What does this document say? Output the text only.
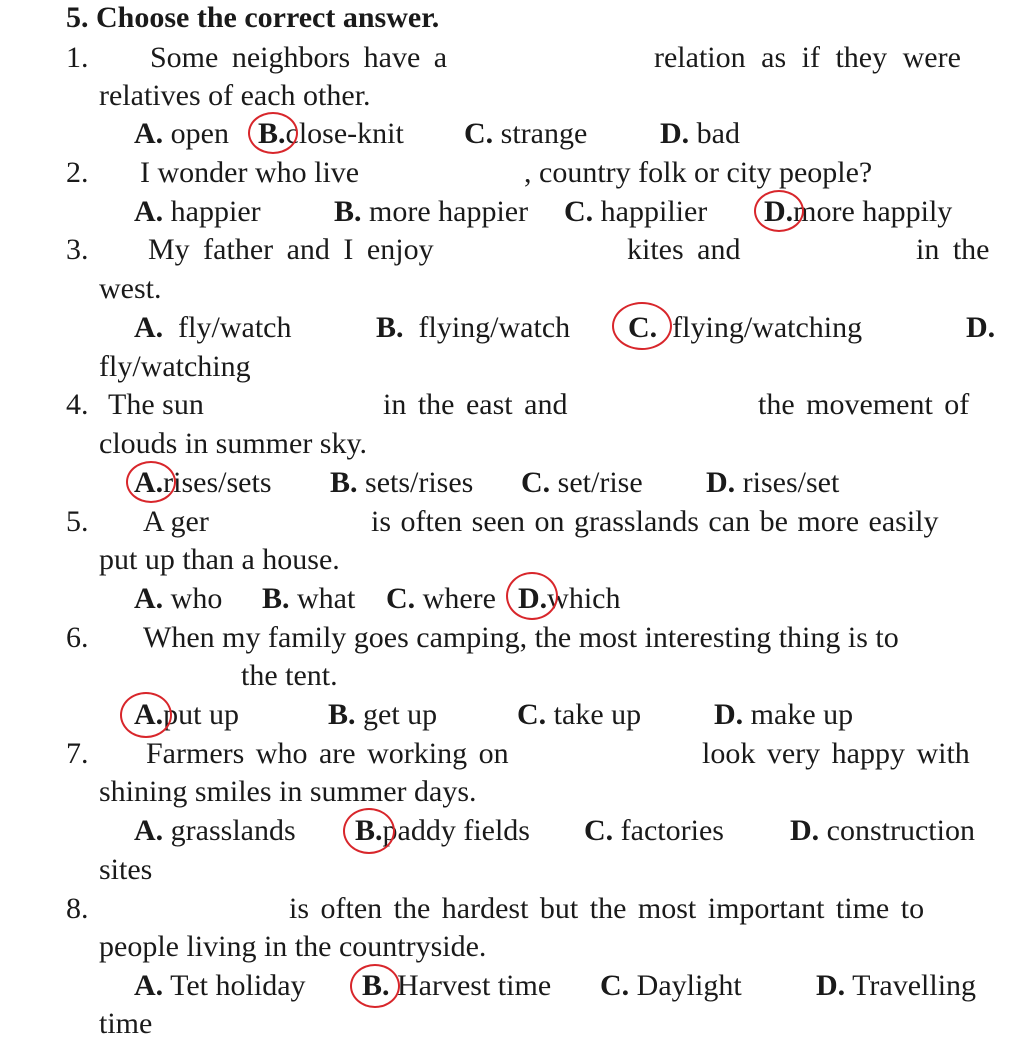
5. Choose the correct answer.
1. Some neighbors have a	relation as if they were
relatives of each other.
A. open B.close-knit C. strange D. bad
2. I wonder who live	, country folk or city people?
A. happier B. more happier C. happilier D.more happily
3. My father and I enjoy	kites and	in the
west.
A. fly/watch	B. flying/watch C. flying/watching	D.
fly/watching
4. The sun	in the east and	the movement of
clouds in summer sky.
A.rises/sets B. sets/rises C. set/rise D. rises/set
5. A ger	is often seen on grasslands can be more easily
put up than a house.
A. who B. what C. where D.which
6. When my family goes camping, the most interesting thing is to
the tent.
A.put up	B. get up	C. take up D. make up
7. Farmers who are working on	look very happy with
shining smiles in summer days.
A. grasslands B.paddy fields C. factories D. construction
sites
8.	is often the hardest but the most important time to
people living in the countryside.
A. Tet holiday B. Harvest time C. Daylight D. Travelling
time
